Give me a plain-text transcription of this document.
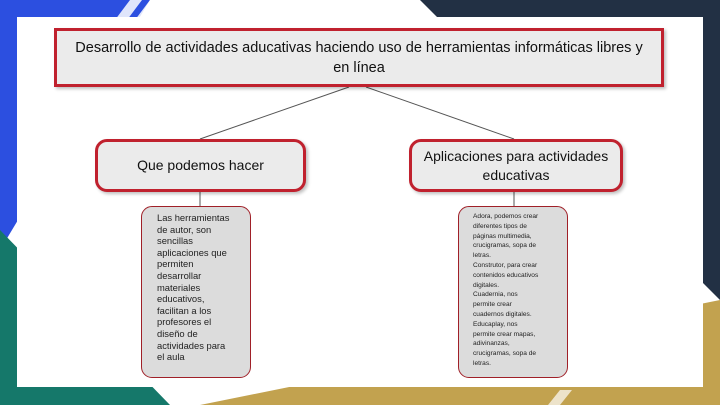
Desarrollo de actividades aducativas haciendo uso de herramientas informáticas libres y en línea
Que podemos hacer
Aplicaciones para actividades educativas
Las herramientas
de autor, son
sencillas
aplicaciones que
permiten
desarrollar
materiales
educativos,
facilitan a los
profesores el
diseño de
actividades para
el aula
Adora, podemos crear
diferentes tipos de
páginas multimedia,
crucigramas, sopa de
letras.
Construtor, para crear
contenidos educativos
digitales.
Cuadernia, nos
permite crear
cuadernos digitales.
Educaplay, nos
permite crear mapas,
adivinanzas,
crucigramas, sopa de
letras.
